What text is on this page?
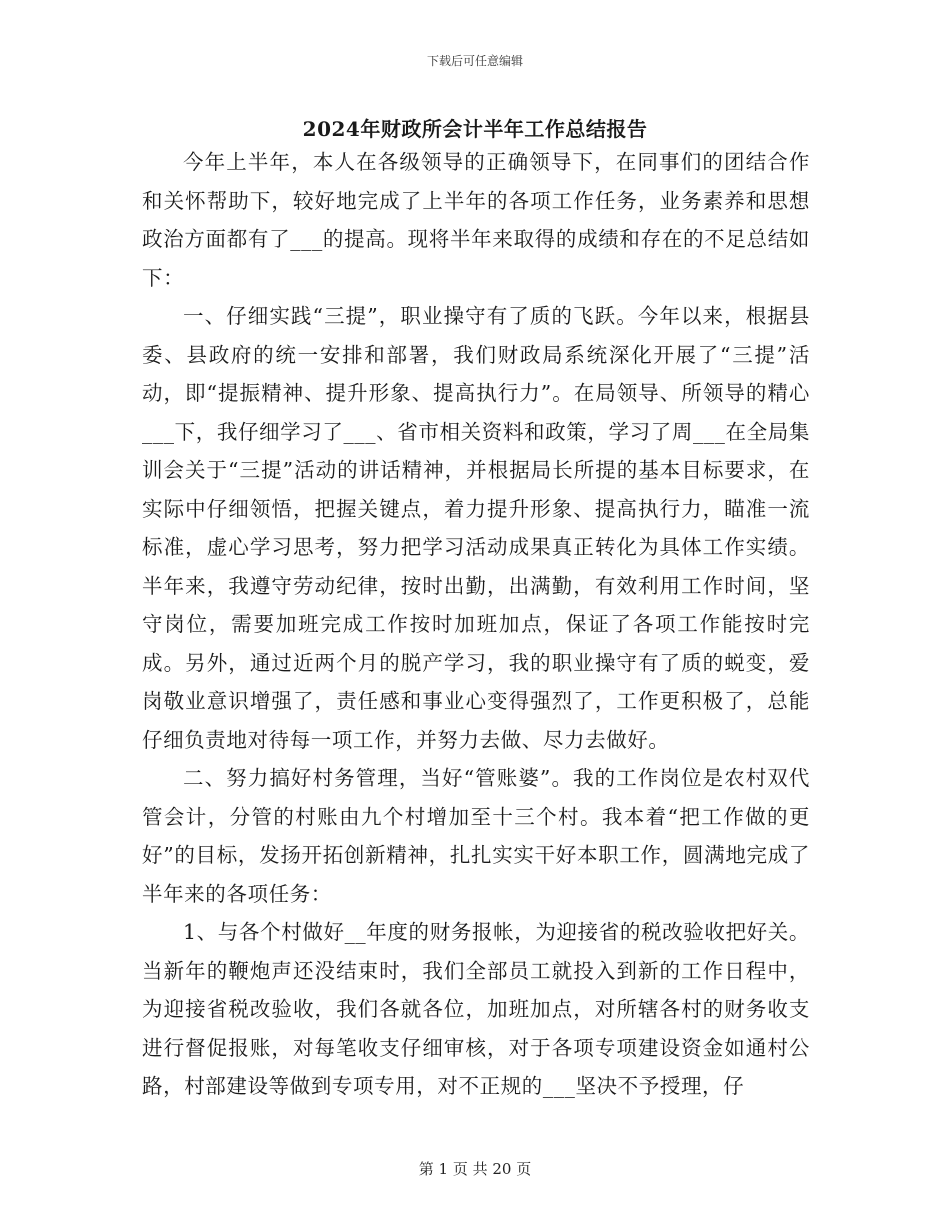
下载后可任意编辑
2024年财政所会计半年工作总结报告

今年上半年，本人在各级领导的正确领导下，在同事们的团结合作和关怀帮助下，较好地完成了上半年的各项工作任务，业务素养和思想政治方面都有了___的提高。现将半年来取得的成绩和存在的不足总结如下：

一、仔细实践“三提”，职业操守有了质的飞跃。今年以来，根据县委、县政府的统一安排和部署，我们财政局系统深化开展了“三提”活动，即“提振精神、提升形象、提高执行力”。在局领导、所领导的精心___下，我仔细学习了___、省市相关资料和政策，学习了周___在全局集训会关于“三提”活动的讲话精神，并根据局长所提的基本目标要求，在实际中仔细领悟，把握关键点，着力提升形象、提高执行力，瞄准一流标准，虚心学习思考，努力把学习活动成果真正转化为具体工作实绩。半年来，我遵守劳动纪律，按时出勤，出满勤，有效利用工作时间，坚守岗位，需要加班完成工作按时加班加点，保证了各项工作能按时完成。另外，通过近两个月的脱产学习，我的职业操守有了质的蜕变，爱岗敬业意识增强了，责任感和事业心变得强烈了，工作更积极了，总能仔细负责地对待每一项工作，并努力去做、尽力去做好。

二、努力搞好村务管理，当好“管账婆”。我的工作岗位是农村双代管会计，分管的村账由九个村增加至十三个村。我本着“把工作做的更好”的目标，发扬开拓创新精神，扎扎实实干好本职工作，圆满地完成了半年来的各项任务：

1、与各个村做好__年度的财务报帐，为迎接省的税改验收把好关。当新年的鞭炮声还没结束时，我们全部员工就投入到新的工作日程中，为迎接省税改验收，我们各就各位，加班加点，对所辖各村的财务收支进行督促报账，对每笔收支仔细审核，对于各项专项建设资金如通村公路，村部建设等做到专项专用，对不正规的___坚决不予授理，仔

第 1 页 共 20 页
